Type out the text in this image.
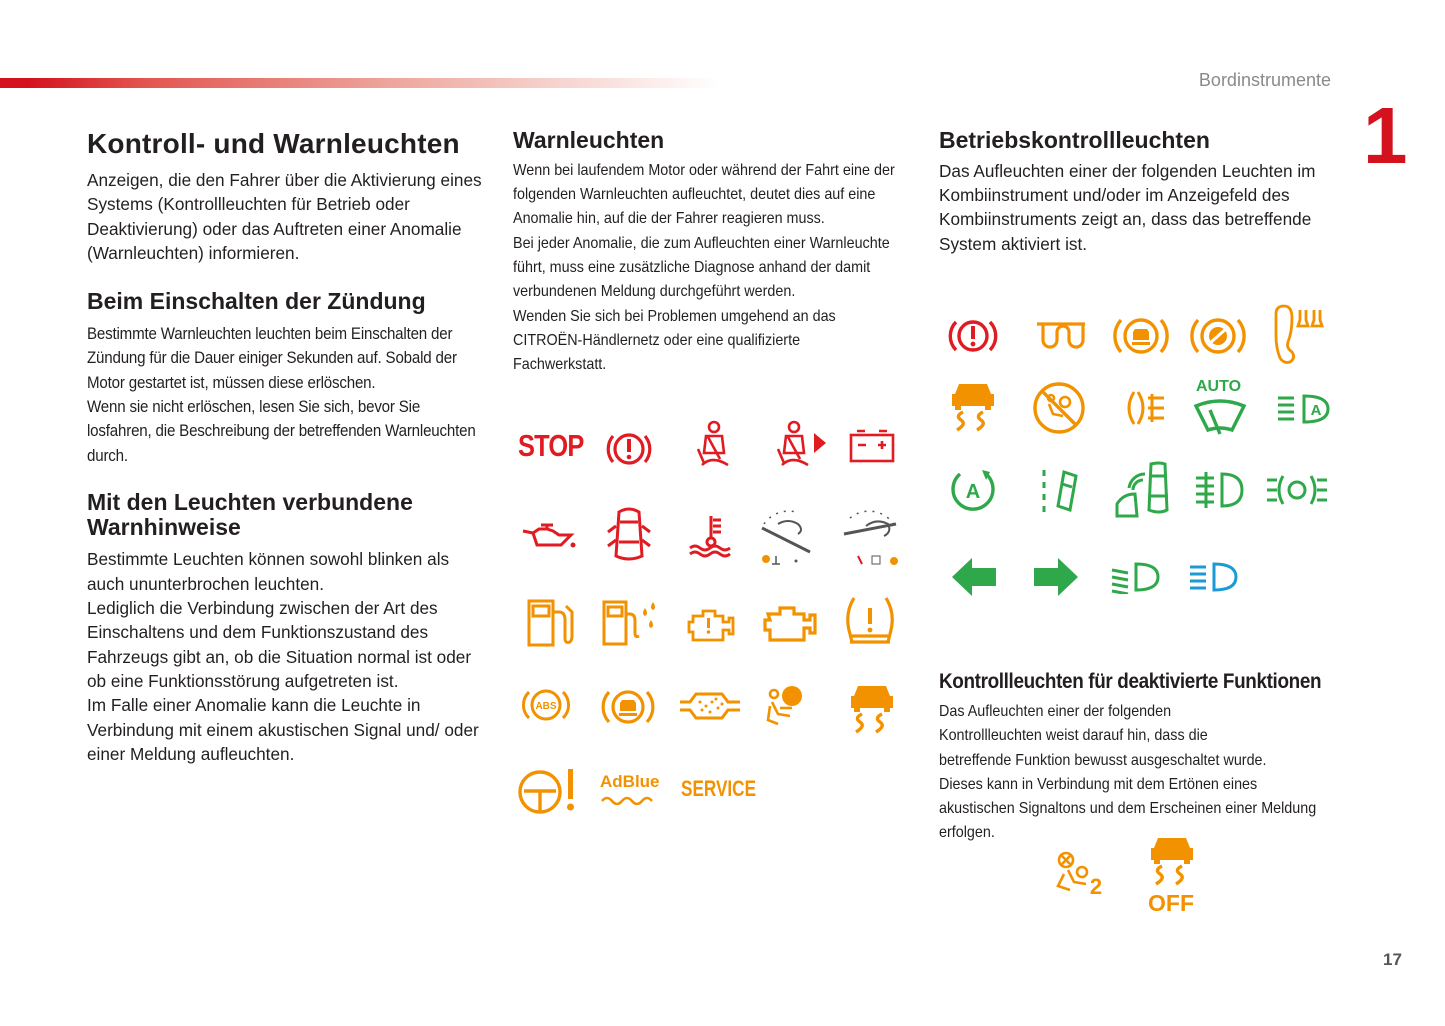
Bordinstrumente
1
17
Kontroll- und Warnleuchten

Anzeigen, die den Fahrer über die Aktivierung eines Systems (Kontrollleuchten für Betrieb oder Deaktivierung) oder das Auftreten einer Anomalie (Warnleuchten) informieren.

Beim Einschalten der Zündung

Bestimmte Warnleuchten leuchten beim Einschalten der Zündung für die Dauer einiger Sekunden auf. Sobald der Motor gestartet ist, müssen diese erlöschen.

Wenn sie nicht erlöschen, lesen Sie sich, bevor Sie losfahren, die Beschreibung der betreffenden Warnleuchten durch.

Mit den Leuchten verbundene Warnhinweise

Bestimmte Leuchten können sowohl blinken als auch ununterbrochen leuchten.

Lediglich die Verbindung zwischen der Art des Einschaltens und dem Funktionszustand des Fahrzeugs gibt an, ob die Situation normal ist oder ob eine Funktionsstörung aufgetreten ist.

Im Falle einer Anomalie kann die Leuchte in Verbindung mit einem akustischen Signal und/ oder einer Meldung aufleuchten.

Warnleuchten

Wenn bei laufendem Motor oder während der Fahrt eine der folgenden Warnleuchten aufleuchtet, deutet dies auf eine Anomalie hin, auf die der Fahrer reagieren muss.

Bei jeder Anomalie, die zum Aufleuchten einer Warnleuchte führt, muss eine zusätzliche Diagnose anhand der damit verbundenen Meldung durchgeführt werden.

Wenden Sie sich bei Problemen umgehend an das CITROËN-Händlernetz oder eine qualifizierte Fachwerkstatt.

Betriebskontrollleuchten

Das Aufleuchten einer der folgenden Leuchten im Kombiinstrument und/oder im Anzeigefeld des Kombiinstruments zeigt an, dass das betreffende System aktiviert ist.

Kontrollleuchten für deaktivierte Funktionen

Das Aufleuchten einer der folgenden Kontrollleuchten weist darauf hin, dass die betreffende Funktion bewusst ausgeschaltet wurde.

Dieses kann in Verbindung mit dem Ertönen eines akustischen Signaltons und dem Erscheinen einer Meldung erfolgen.

STOP
ABS
AdBlue SERVICE
AUTO
A
A
2
OFF
